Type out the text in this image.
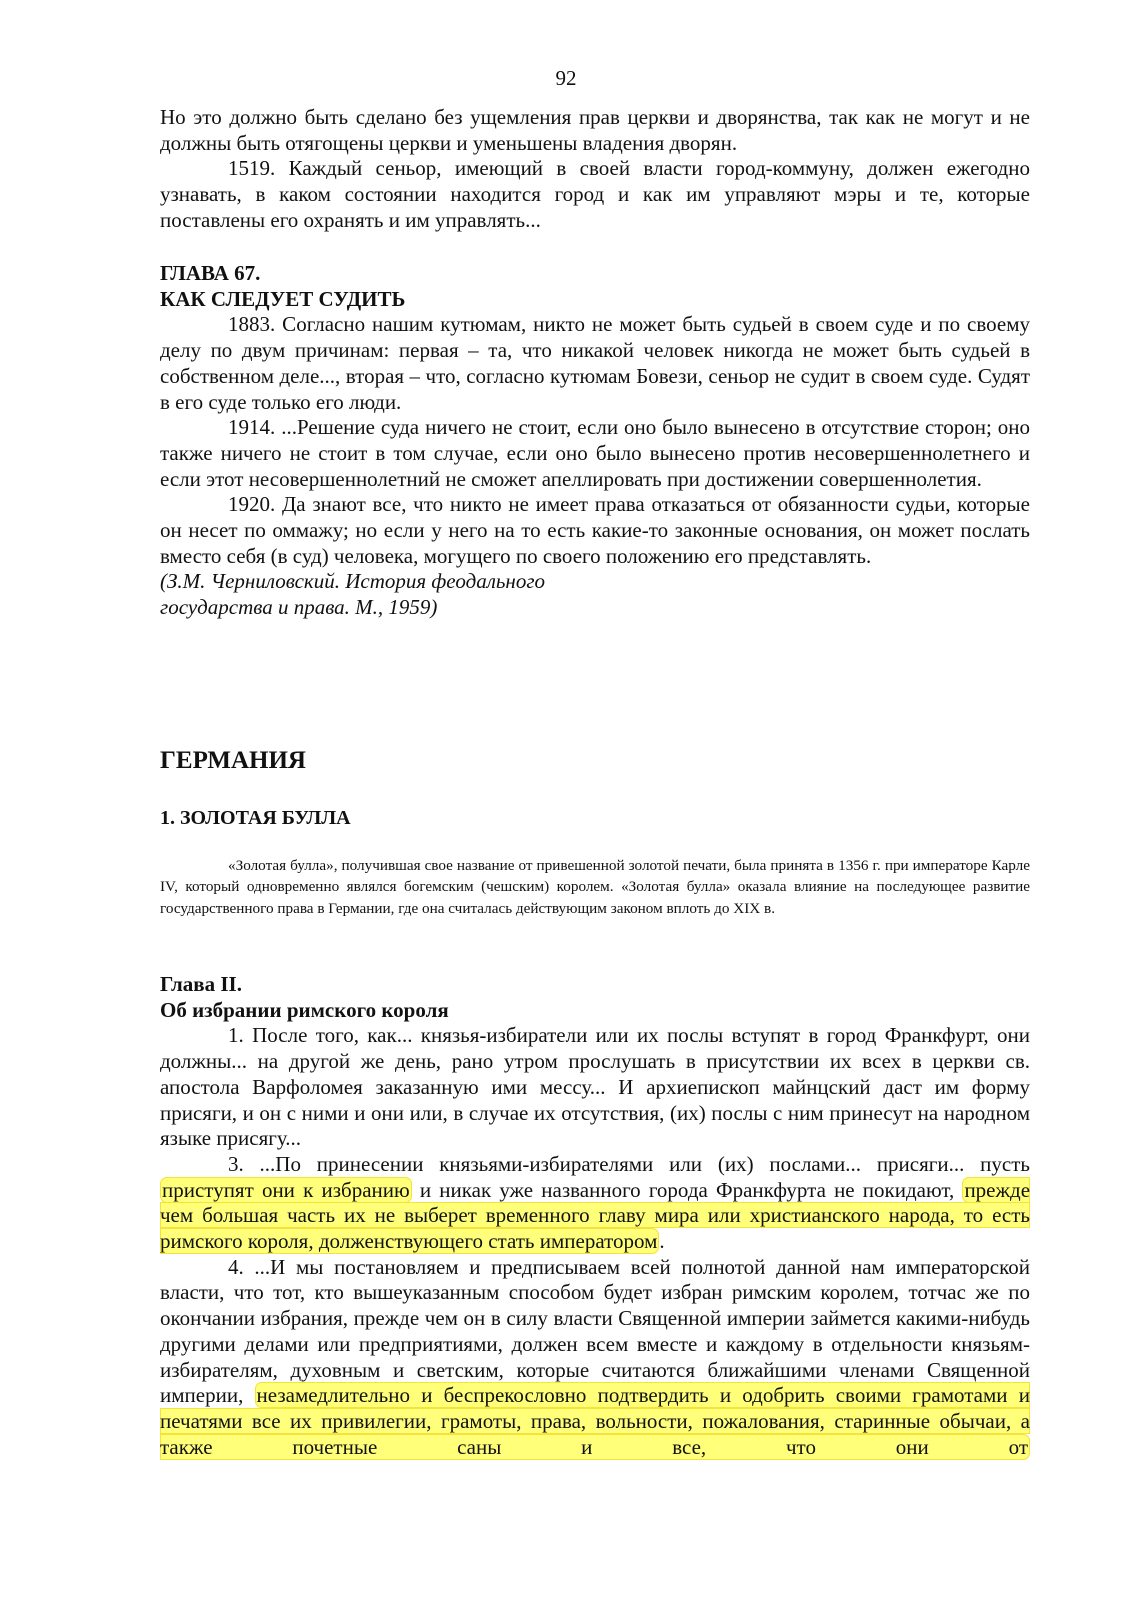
92

Но это должно быть сделано без ущемления прав церкви и дворянства, так как не могут и не должны быть отягощены церкви и уменьшены владения дворян.

1519. Каждый сеньор, имеющий в своей власти город-коммуну, должен ежегодно узнавать, в каком состоянии находится город и как им управляют мэры и те, которые поставлены его охранять и им управлять...

ГЛАВА 67.

КАК СЛЕДУЕТ СУДИТЬ

1883. Согласно нашим кутюмам, никто не может быть судьей в своем суде и по своему делу по двум причинам: первая – та, что никакой человек никогда не может быть судьей в собственном деле..., вторая – что, согласно кутюмам Бовези, сеньор не судит в своем суде. Судят в его суде только его люди.

1914. ...Решение суда ничего не стоит, если оно было вынесено в отсутствие сторон; оно также ничего не стоит в том случае, если оно было вынесено против несовершеннолетнего и если этот несовершеннолетний не сможет апеллировать при достижении совершеннолетия.

1920. Да знают все, что никто не имеет права отказаться от обязанности судьи, которые он несет по оммажу; но если у него на то есть какие-то законные основания, он может послать вместо себя (в суд) человека, могущего по своего положению его представлять.

(З.М. Черниловский. История феодального

государства и права. М., 1959)

ГЕРМАНИЯ

1. ЗОЛОТАЯ БУЛЛА

«Золотая булла», получившая свое название от привешенной золотой печати, была принята в 1356 г. при императоре Карле IV, который одновременно являлся богемским (чешским) королем. «Золотая булла» оказала влияние на последующее развитие государственного права в Германии, где она считалась действующим законом вплоть до XIX в.

Глава II.

Об избрании римского короля

1. После того, как... князья-избиратели или их послы вступят в город Франкфурт, они должны... на другой же день, рано утром прослушать в присутствии их всех в церкви св. апостола Варфоломея заказанную ими мессу... И архиепископ майнцский даст им форму присяги, и он с ними и они или, в случае их отсутствия, (их) послы с ним принесут на народном языке присягу...

3. ...По принесении князьями-избирателями или (их) послами... присяги... пусть приступят они к избранию и никак уже названного города Франкфурта не покидают, прежде чем большая часть их не выберет временного главу мира или христианского народа, то есть римского короля, долженствующего стать императором.

4. ...И мы постановляем и предписываем всей полнотой данной нам императорской власти, что тот, кто вышеуказанным способом будет избран римским королем, тотчас же по окончании избрания, прежде чем он в силу власти Священной империи займется какими-нибудь другими делами или предприятиями, должен всем вместе и каждому в отдельности князьям-избирателям, духовным и светским, которые считаются ближайшими членами Священной империи, незамедлительно и беспрекословно подтвердить и одобрить своими грамотами и печатями все их привилегии, грамоты, права, вольности, пожалования, старинные обычаи, а также почетные саны и все, что они от
